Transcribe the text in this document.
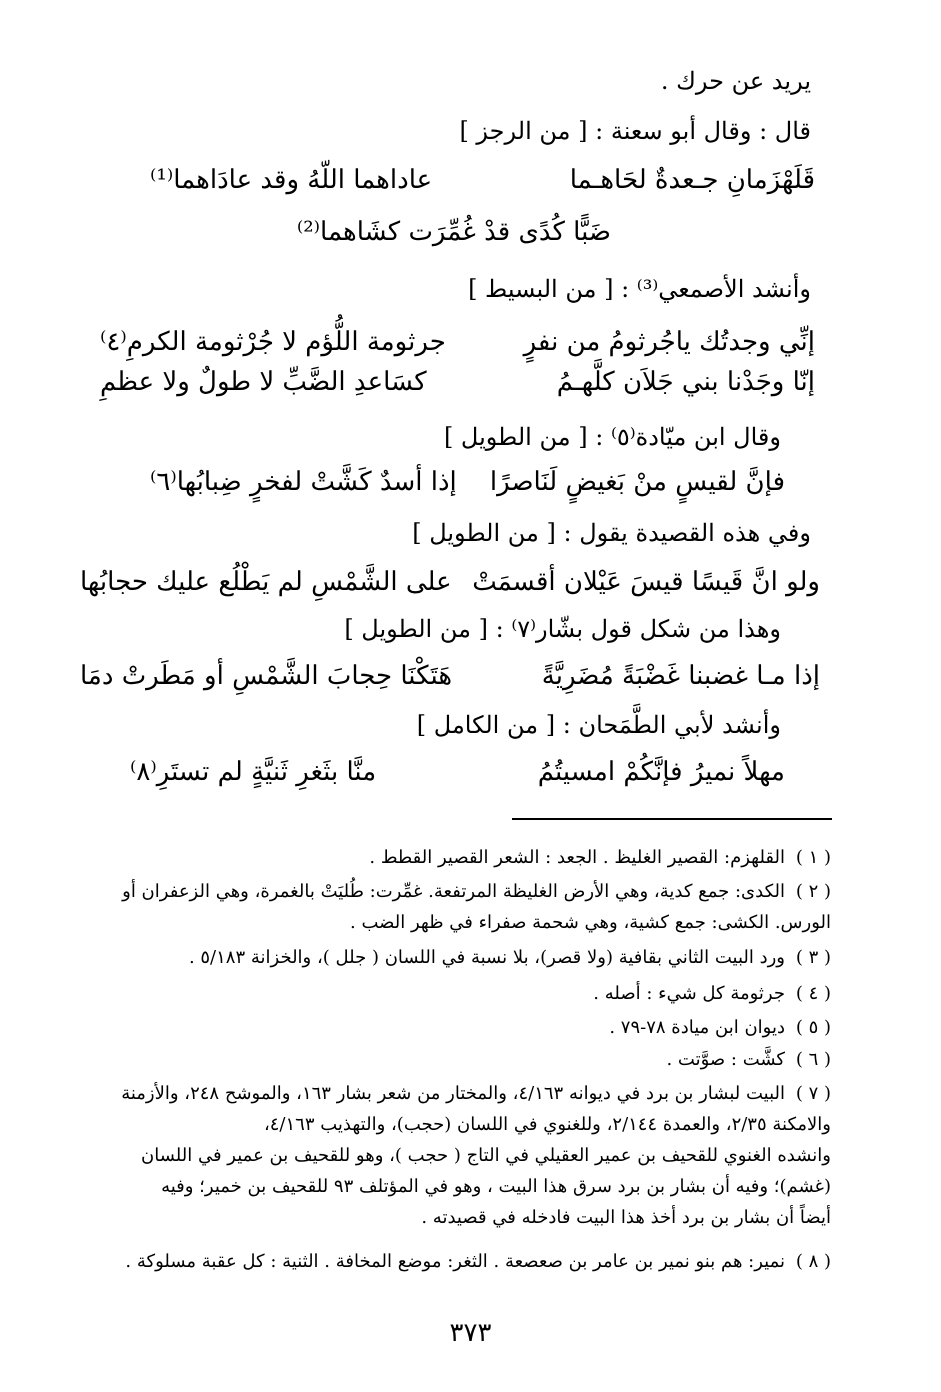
يريد عن حرك .
قال : وقال أبو سعنة : [ من الرجز ]
قَلَهْزَمانِ جـعدةٌ لحَاهـما
عاداهما اللّهُ وقد عادَاهما⁽¹⁾
ضَبًّا كُدًى قدْ غُمِّرَت كشَاهما⁽²⁾
وأنشد الأصمعي⁽³⁾ : [ من البسيط ]
إنِّي وجدتُك ياجُرثومُ من نفرٍ
جرثومة اللُّؤم لا جُرْثومة الكرمِ⁽٤⁾
إنّا وجَدْنا بني جَلاَن كلَّهـمُ
كسَاعدِ الضَّبِّ لا طولٌ ولا عظمِ
وقال ابن ميّادة⁽٥⁾ : [ من الطويل ]
فإنَّ لقيسٍ منْ بَغيضٍ لَنَاصرًا
إذا أسدٌ كَشَّتْ لفخرٍ ضِبابُها⁽٦⁾
وفي هذه القصيدة يقول : [ من الطويل ]
ولو انَّ قَيسًا قيسَ عَيْلان أقسمَتْ
على الشَّمْسِ لم يَطْلُع عليك حجابُها
وهذا من شكل قول بشّار⁽٧⁾ : [ من الطويل ]
إذا مـا غضبنا غَضْبَةً مُضَرِيَّةً
هَتَكْنَا حِجابَ الشَّمْسِ أو مَطَرتْ دمَا
وأنشد لأبي الطَّمَحان : [ من الكامل ]
مهلاً نميرُ فإنَّكُمْ امسيتُمُ
منَّا بثَغرِ ثَنيَّةٍ لم تستَرِ⁽٨⁾
( ١ )
القلهزم: القصير الغليظ . الجعد : الشعر القصير القطط .
( ٢ )
الكدى: جمع كدية، وهي الأرض الغليظة المرتفعة. غمِّرت: طُليَتْ بالغمرة، وهي الزعفران أو
الورس. الكشى: جمع كشية، وهي شحمة صفراء في ظهر الضب .
( ٣ )
ورد البيت الثاني بقافية (ولا قصر)، بلا نسبة في اللسان ( جلل )، والخزانة ٥/١٨٣ .
( ٤ )
جرثومة كل شيء : أصله .
( ٥ )
ديوان ابن ميادة ٧٨-٧٩ .
( ٦ )
كشَّت : صوَّتت .
( ٧ )
البيت لبشار بن برد في ديوانه ٤/١٦٣، والمختار من شعر بشار ١٦٣، والموشح ٢٤٨، والأزمنة
والامكنة ٢/٣٥، والعمدة ٢/١٤٤، وللغنوي في اللسان (حجب)، والتهذيب ٤/١٦٣،
وانشده الغنوي للقحيف بن عمير العقيلي في التاج ( حجب )، وهو للقحيف بن عمير في اللسان
(غشم)؛ وفيه أن بشار بن برد سرق هذا البيت ، وهو في المؤتلف ٩٣ للقحيف بن خمير؛ وفيه
أيضاً أن بشار بن برد أخذ هذا البيت فادخله في قصيدته .
( ٨ )
نمير: هم بنو نمير بن عامر بن صعصعة . الثغر: موضع المخافة . الثنية : كل عقبة مسلوكة .
٣٧٣
